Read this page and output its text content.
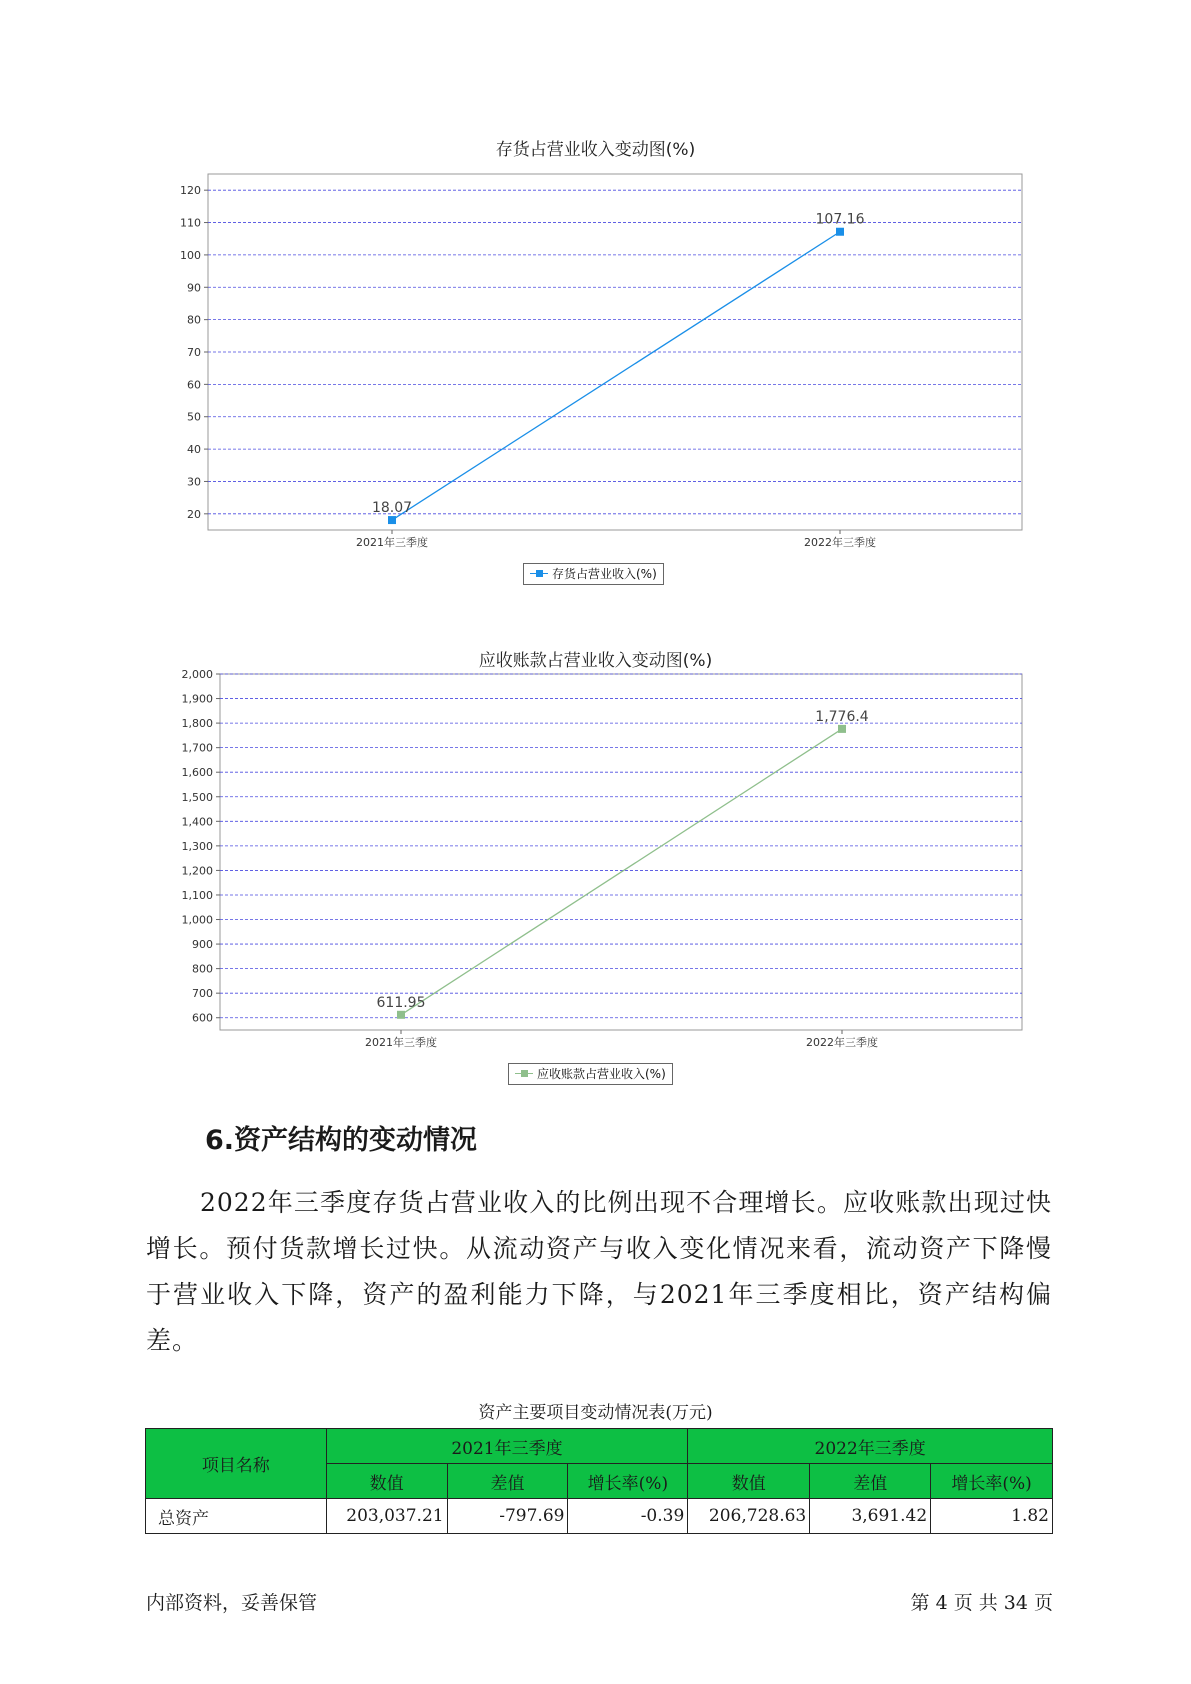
存货占营业收入变动图(%)
20
30
40
50
60
70
80
90
100
110
120
2021年三季度	2022年三季度
18.07
107.16
存货占营业收入(%)
应收账款占营业收入变动图(%)
600
700
800
900
1,000
1,100
1,200
1,300
1,400
1,500
1,600
1,700
1,800
1,900
2,000
2021年三季度	2022年三季度
611.95
1,776.4
应收账款占营业收入(%)
6.资产结构的变动情况
2022年三季度存货占营业收入的比例出现不合理增长。应收账款出现过快增长。预付货款增长过快。从流动资产与收入变化情况来看，流动资产下降慢于营业收入下降，资产的盈利能力下降，与2021年三季度相比，资产结构偏差。
资产主要项目变动情况表(万元)
项目名称	2021年三季度			2022年三季度		
	数值	差值	增长率(%)	数值	差值	增长率(%)
总资产	203,037.21	-797.69	-0.39	206,728.63	3,691.42	1.82
内部资料，妥善保管	第 4 页 共 34 页
